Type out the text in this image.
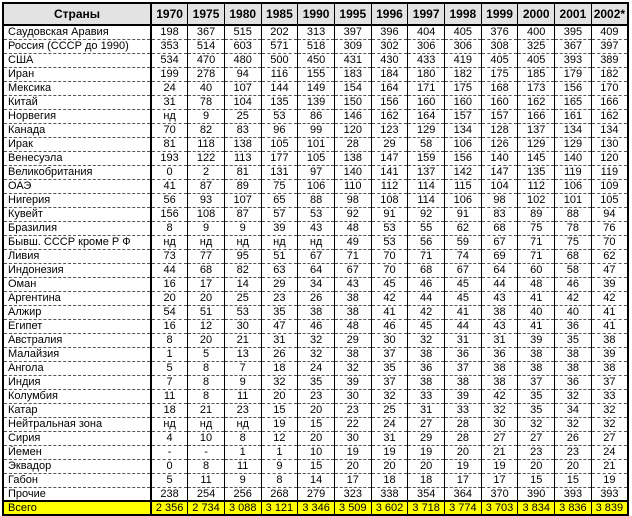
Страны	1970	1975	1980	1985	1990	1995	1996	1997	1998	1999	2000	2001	2002*
Саудовская Аравия	198	367	515	202	313	397	396	404	405	376	400	395	409
Россия (СССР до 1990)	353	514	603	571	518	309	302	306	306	308	325	367	397
США	534	470	480	500	450	431	430	433	419	405	405	393	389
Иран	199	278	94	116	155	183	184	180	182	175	185	179	182
Мексика	24	40	107	144	149	154	164	171	175	168	173	156	170
Китай	31	78	104	135	139	150	156	160	160	160	162	165	166
Норвегия	нд	9	25	53	86	146	162	164	157	157	166	161	162
Канада	70	82	83	96	99	120	123	129	134	128	137	134	134
Ирак	81	118	138	105	101	28	29	58	106	126	129	129	130
Венесуэла	193	122	113	177	105	138	147	159	156	140	145	140	120
Великобритания	0	2	81	131	97	140	141	137	142	147	135	119	119
ОАЭ	41	87	89	75	106	110	112	114	115	104	112	106	109
Нигерия	56	93	107	65	88	98	108	114	106	98	102	101	105
Кувейт	156	108	87	57	53	92	91	92	91	83	89	88	94
Бразилия	8	9	9	39	43	48	53	55	62	68	75	78	76
Бывш. СССР кроме Р Ф	нд	нд	нд	нд	нд	49	53	56	59	67	71	75	70
Ливия	73	77	95	51	67	71	70	71	74	69	71	68	62
Индонезия	44	68	82	63	64	67	70	68	67	64	60	58	47
Оман	16	17	14	29	34	43	45	46	45	44	48	46	39
Аргентина	20	20	25	23	26	38	42	44	45	43	41	42	42
Алжир	54	51	53	35	38	38	41	42	41	38	40	40	41
Египет	16	12	30	47	46	48	46	45	44	43	41	36	41
Австралия	8	20	21	31	32	29	30	32	31	31	39	35	38
Малайзия	1	5	13	26	32	38	37	38	36	36	38	38	39
Ангола	5	8	7	18	24	32	35	36	37	38	38	38	38
Индия	7	8	9	32	35	39	37	38	38	38	37	36	37
Колумбия	11	8	11	20	23	30	32	33	39	42	35	32	33
Катар	18	21	23	15	20	23	25	31	33	32	35	34	32
Нейтральная зона	нд	нд	нд	19	15	22	24	27	28	30	32	32	32
Сирия	4	10	8	12	20	30	31	29	28	27	27	26	27
Йемен	-	-	1	1	10	19	19	19	20	21	23	23	24
Эквадор	0	8	11	9	15	20	20	20	19	19	20	20	21
Габон	5	11	9	8	14	17	18	18	17	17	15	15	19
Прочие	238	254	256	268	279	323	338	354	364	370	390	393	393
Всего	2 356	2 734	3 088	3 121	3 346	3 509	3 602	3 718	3 774	3 703	3 834	3 836	3 839
